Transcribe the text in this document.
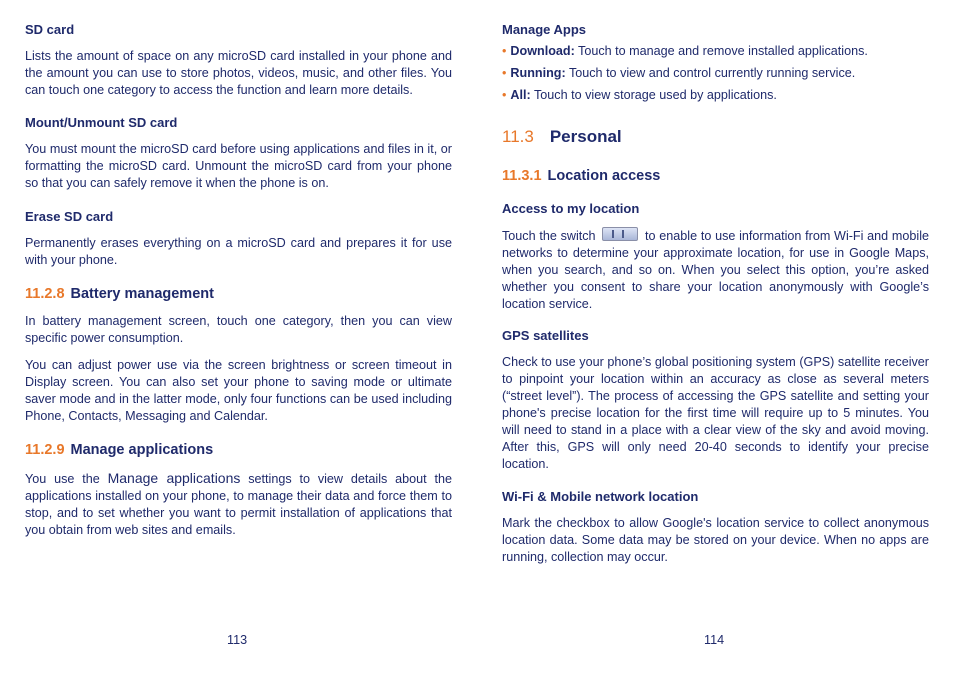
SD card

Lists the amount of space on any microSD card installed in your phone and the amount you can use to store photos, videos, music, and other files. You can touch one category to access the function and learn more details.

Mount/Unmount SD card

You must mount the microSD card before using applications and files in it, or formatting the microSD card. Unmount the microSD card from your phone so that you can safely remove it when the phone is on.

Erase SD card

Permanently erases everything on a microSD card and prepares it for use with your phone.

11.2.8 Battery management

In battery management screen, touch one category, then you can view specific power consumption.

You can adjust power use via the screen brightness or screen timeout in Display screen. You can also set your phone to saving mode or ultimate saver mode and in the latter mode, only four functions can be used including Phone, Contacts, Messaging and Calendar.

11.2.9 Manage applications

You use the Manage applications settings to view details about the applications installed on your phone, to manage their data and force them to stop, and to set whether you want to permit installation of applications that you obtain from web sites and emails.

113

Manage Apps

• Download: Touch to manage and remove installed applications.

• Running: Touch to view and control currently running service.

• All: Touch to view storage used by applications.

11.3 Personal

11.3.1 Location access

Access to my location

Touch the switch	to enable to use information from Wi-Fi and mobile networks to determine your approximate location, for use in Google Maps, when you search, and so on. When you select this option, you’re asked whether you consent to share your location anonymously with Google’s location service.

GPS satellites

Check to use your phone’s global positioning system (GPS) satellite receiver to pinpoint your location within an accuracy as close as several meters (“street level”). The process of accessing the GPS satellite and setting your phone's precise location for the first time will require up to 5 minutes. You will need to stand in a place with a clear view of the sky and avoid moving. After this, GPS will only need 20-40 seconds to identify your precise location.

Wi-Fi & Mobile network location

Mark the checkbox to allow Google's location service to collect anonymous location data. Some data may be stored on your device. When no apps are running, collection may occur.

114
